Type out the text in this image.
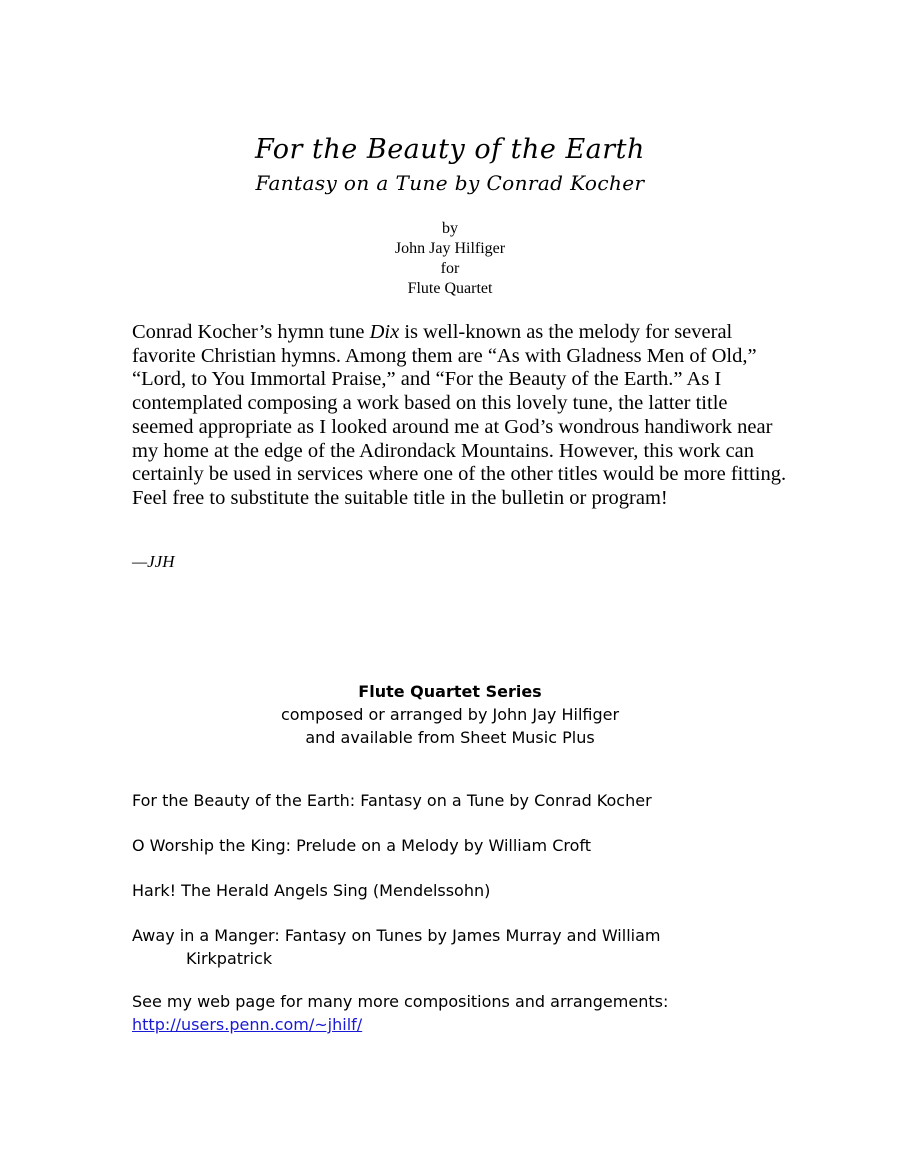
For the Beauty of the Earth
Fantasy on a Tune by Conrad Kocher
by
John Jay Hilfiger
for
Flute Quartet

Conrad Kocher’s hymn tune Dix is well-known as the melody for several favorite Christian hymns. Among them are “As with Gladness Men of Old,” “Lord, to You Immortal Praise,” and “For the Beauty of the Earth.” As I contemplated composing a work based on this lovely tune, the latter title seemed appropriate as I looked around me at God’s wondrous handiwork near my home at the edge of the Adirondack Mountains. However, this work can certainly be used in services where one of the other titles would be more fitting. Feel free to substitute the suitable title in the bulletin or program!

—JJH
Flute Quartet Series
composed or arranged by John Jay Hilfiger
and available from Sheet Music Plus
For the Beauty of the Earth: Fantasy on a Tune by Conrad Kocher
O Worship the King: Prelude on a Melody by William Croft
Hark! The Herald Angels Sing (Mendelssohn)
Away in a Manger: Fantasy on Tunes by James Murray and William
Kirkpatrick
See my web page for many more compositions and arrangements:
http://users.penn.com/~jhilf/
